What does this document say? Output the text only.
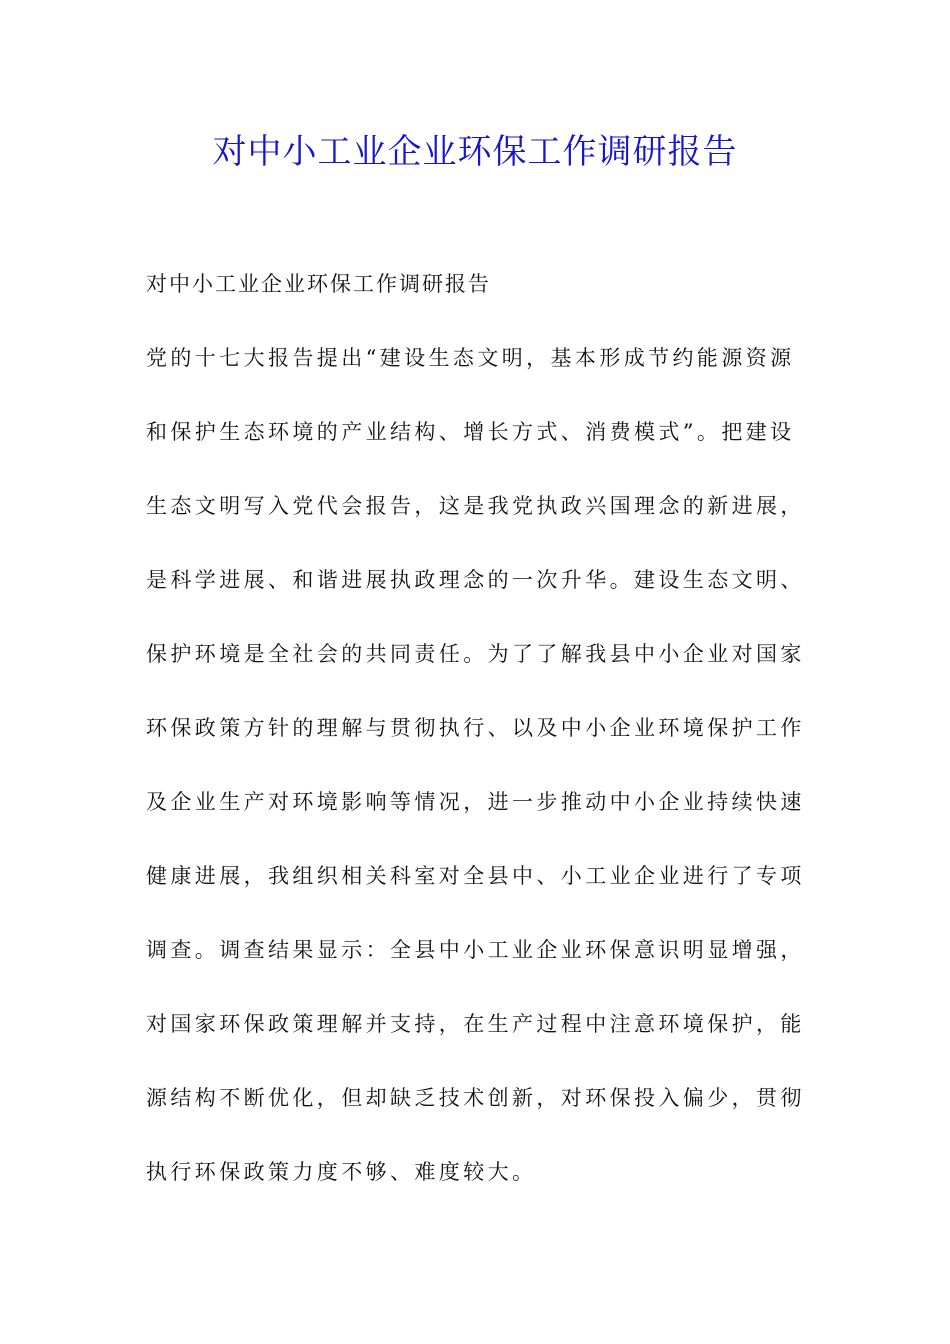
对中小工业企业环保工作调研报告
对中小工业企业环保工作调研报告
党的十七大报告提出“建设生态文明，基本形成节约能源资源
和保护生态环境的产业结构、增长方式、消费模式”。把建设
生态文明写入党代会报告，这是我党执政兴国理念的新进展，
是科学进展、和谐进展执政理念的一次升华。建设生态文明、
保护环境是全社会的共同责任。为了了解我县中小企业对国家
环保政策方针的理解与贯彻执行、以及中小企业环境保护工作
及企业生产对环境影响等情况，进一步推动中小企业持续快速
健康进展，我组织相关科室对全县中、小工业企业进行了专项
调查。调查结果显示：全县中小工业企业环保意识明显增强，
对国家环保政策理解并支持，在生产过程中注意环境保护，能
源结构不断优化，但却缺乏技术创新，对环保投入偏少，贯彻
执行环保政策力度不够、难度较大。
